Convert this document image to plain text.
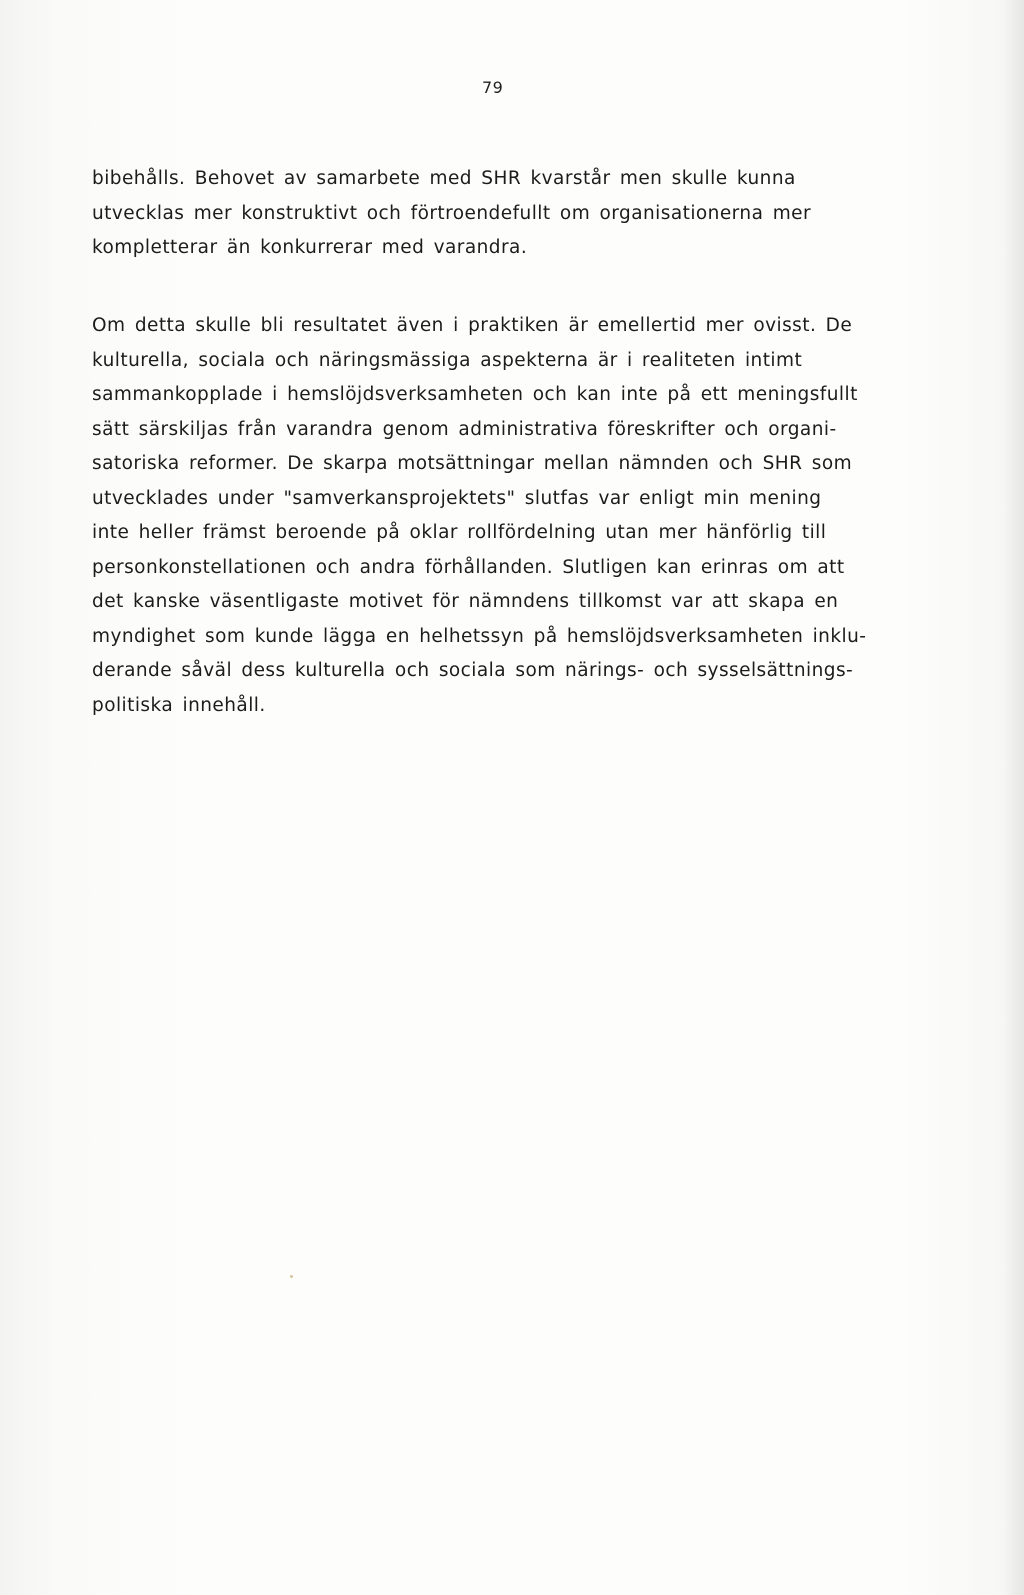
79
bibehålls. Behovet av samarbete med SHR kvarstår men skulle kunna
utvecklas mer konstruktivt och förtroendefullt om organisationerna mer
kompletterar än konkurrerar med varandra.
Om detta skulle bli resultatet även i praktiken är emellertid mer ovisst. De
kulturella, sociala och näringsmässiga aspekterna är i realiteten intimt
sammankopplade i hemslöjdsverksamheten och kan inte på ett meningsfullt
sätt särskiljas från varandra genom administrativa föreskrifter och organi-
satoriska reformer. De skarpa motsättningar mellan nämnden och SHR som
utvecklades under "samverkansprojektets" slutfas var enligt min mening
inte heller främst beroende på oklar rollfördelning utan mer hänförlig till
personkonstellationen och andra förhållanden. Slutligen kan erinras om att
det kanske väsentligaste motivet för nämndens tillkomst var att skapa en
myndighet som kunde lägga en helhetssyn på hemslöjdsverksamheten inklu-
derande såväl dess kulturella och sociala som närings- och sysselsättnings-
politiska innehåll.
